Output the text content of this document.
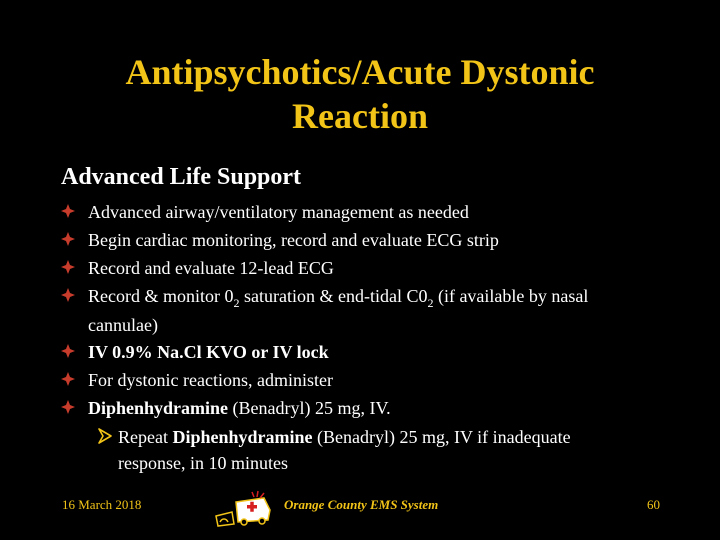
Antipsychotics/Acute Dystonic
Reaction
Advanced Life Support
Advanced airway/ventilatory management as needed
Begin cardiac monitoring, record and evaluate ECG strip
Record and evaluate 12-lead ECG
Record & monitor $0_2$ saturation & end-tidal $C0_2$ (if available by nasal
cannulae)
IV 0.9% Na.Cl KVO or IV lock
For dystonic reactions, administer
Diphenhydramine (Benadryl) 25 mg, IV.
Repeat Diphenhydramine (Benadryl) 25 mg, IV if inadequate
response, in 10 minutes
16 March 2018	Orange County EMS System	60
